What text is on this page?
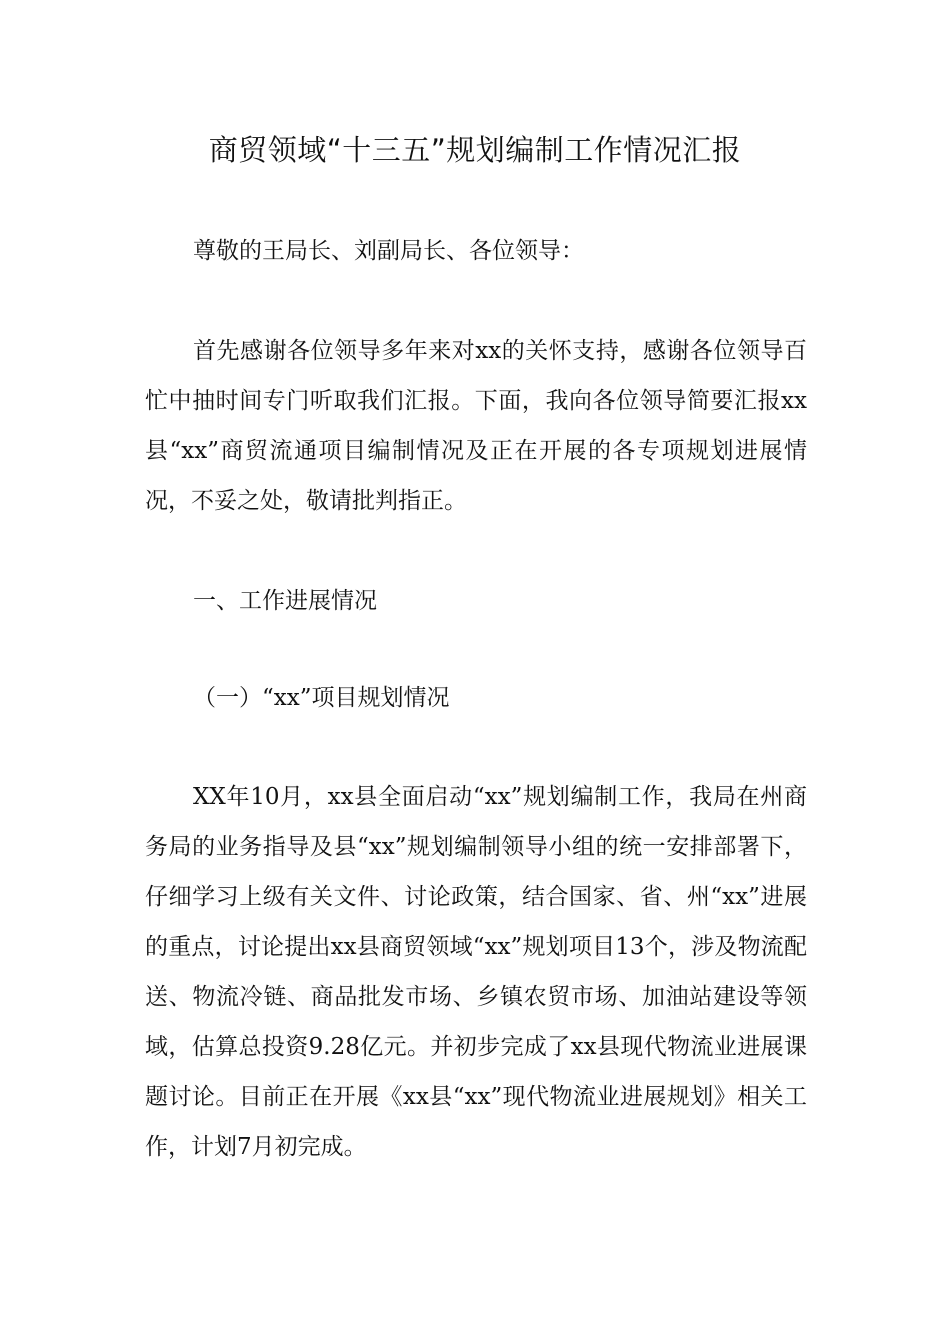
商贸领域“十三五”规划编制工作情况汇报

尊敬的王局长、刘副局长、各位领导：

首先感谢各位领导多年来对xx的关怀支持，感谢各位领导百忙中抽时间专门听取我们汇报。下面，我向各位领导简要汇报xx县“xx”商贸流通项目编制情况及正在开展的各专项规划进展情况，不妥之处，敬请批判指正。

一、工作进展情况

（一）“xx”项目规划情况

XX年10月，xx县全面启动“xx”规划编制工作，我局在州商务局的业务指导及县“xx”规划编制领导小组的统一安排部署下，仔细学习上级有关文件、讨论政策，结合国家、省、州“xx”进展的重点，讨论提出xx县商贸领域“xx”规划项目13个，涉及物流配送、物流冷链、商品批发市场、乡镇农贸市场、加油站建设等领域，估算总投资9.28亿元。并初步完成了xx县现代物流业进展课题讨论。目前正在开展《xx县“xx”现代物流业进展规划》相关工作，计划7月初完成。
